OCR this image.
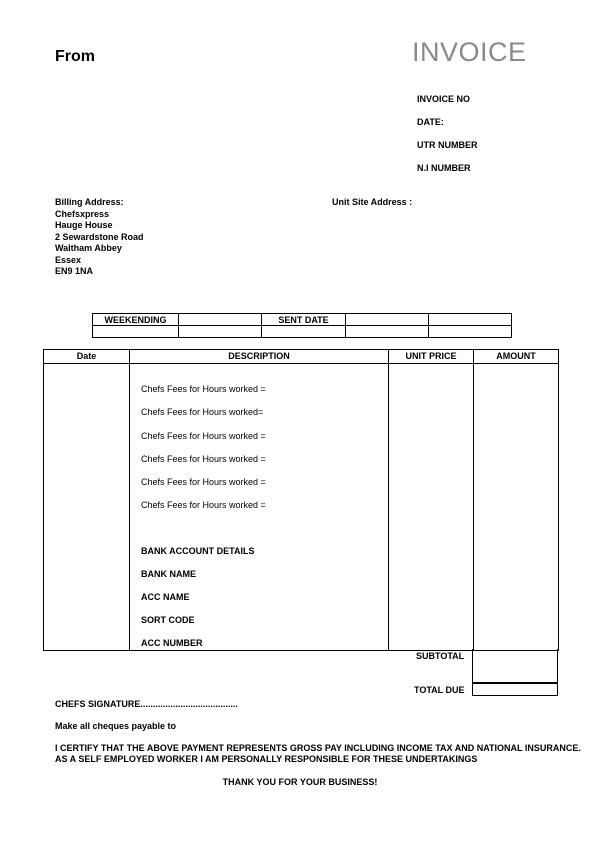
From	INVOICE
INVOICE NO
DATE:
UTR NUMBER
N.I NUMBER
Billing Address:
Chefsxpress
Hauge House
2 Sewardstone Road
Waltham Abbey
Essex
EN9 1NA
Unit Site Address :
WEEKENDING		SENT DATE		

Date	DESCRIPTION	UNIT PRICE	AMOUNT
Chefs Fees for Hours worked =
Chefs Fees for Hours worked=
Chefs Fees for Hours worked =
Chefs Fees for Hours worked =
Chefs Fees for Hours worked =
Chefs Fees for Hours worked =
BANK ACCOUNT DETAILS
BANK NAME
ACC NAME
SORT CODE
ACC NUMBER
SUBTOTAL
TOTAL DUE
CHEFS SIGNATURE.......................................
Make all cheques payable to
I CERTIFY THAT THE ABOVE PAYMENT REPRESENTS GROSS PAY INCLUDING INCOME TAX AND NATIONAL INSURANCE.
AS A SELF EMPLOYED WORKER I AM PERSONALLY RESPONSIBLE FOR THESE UNDERTAKINGS
THANK YOU FOR YOUR BUSINESS!
